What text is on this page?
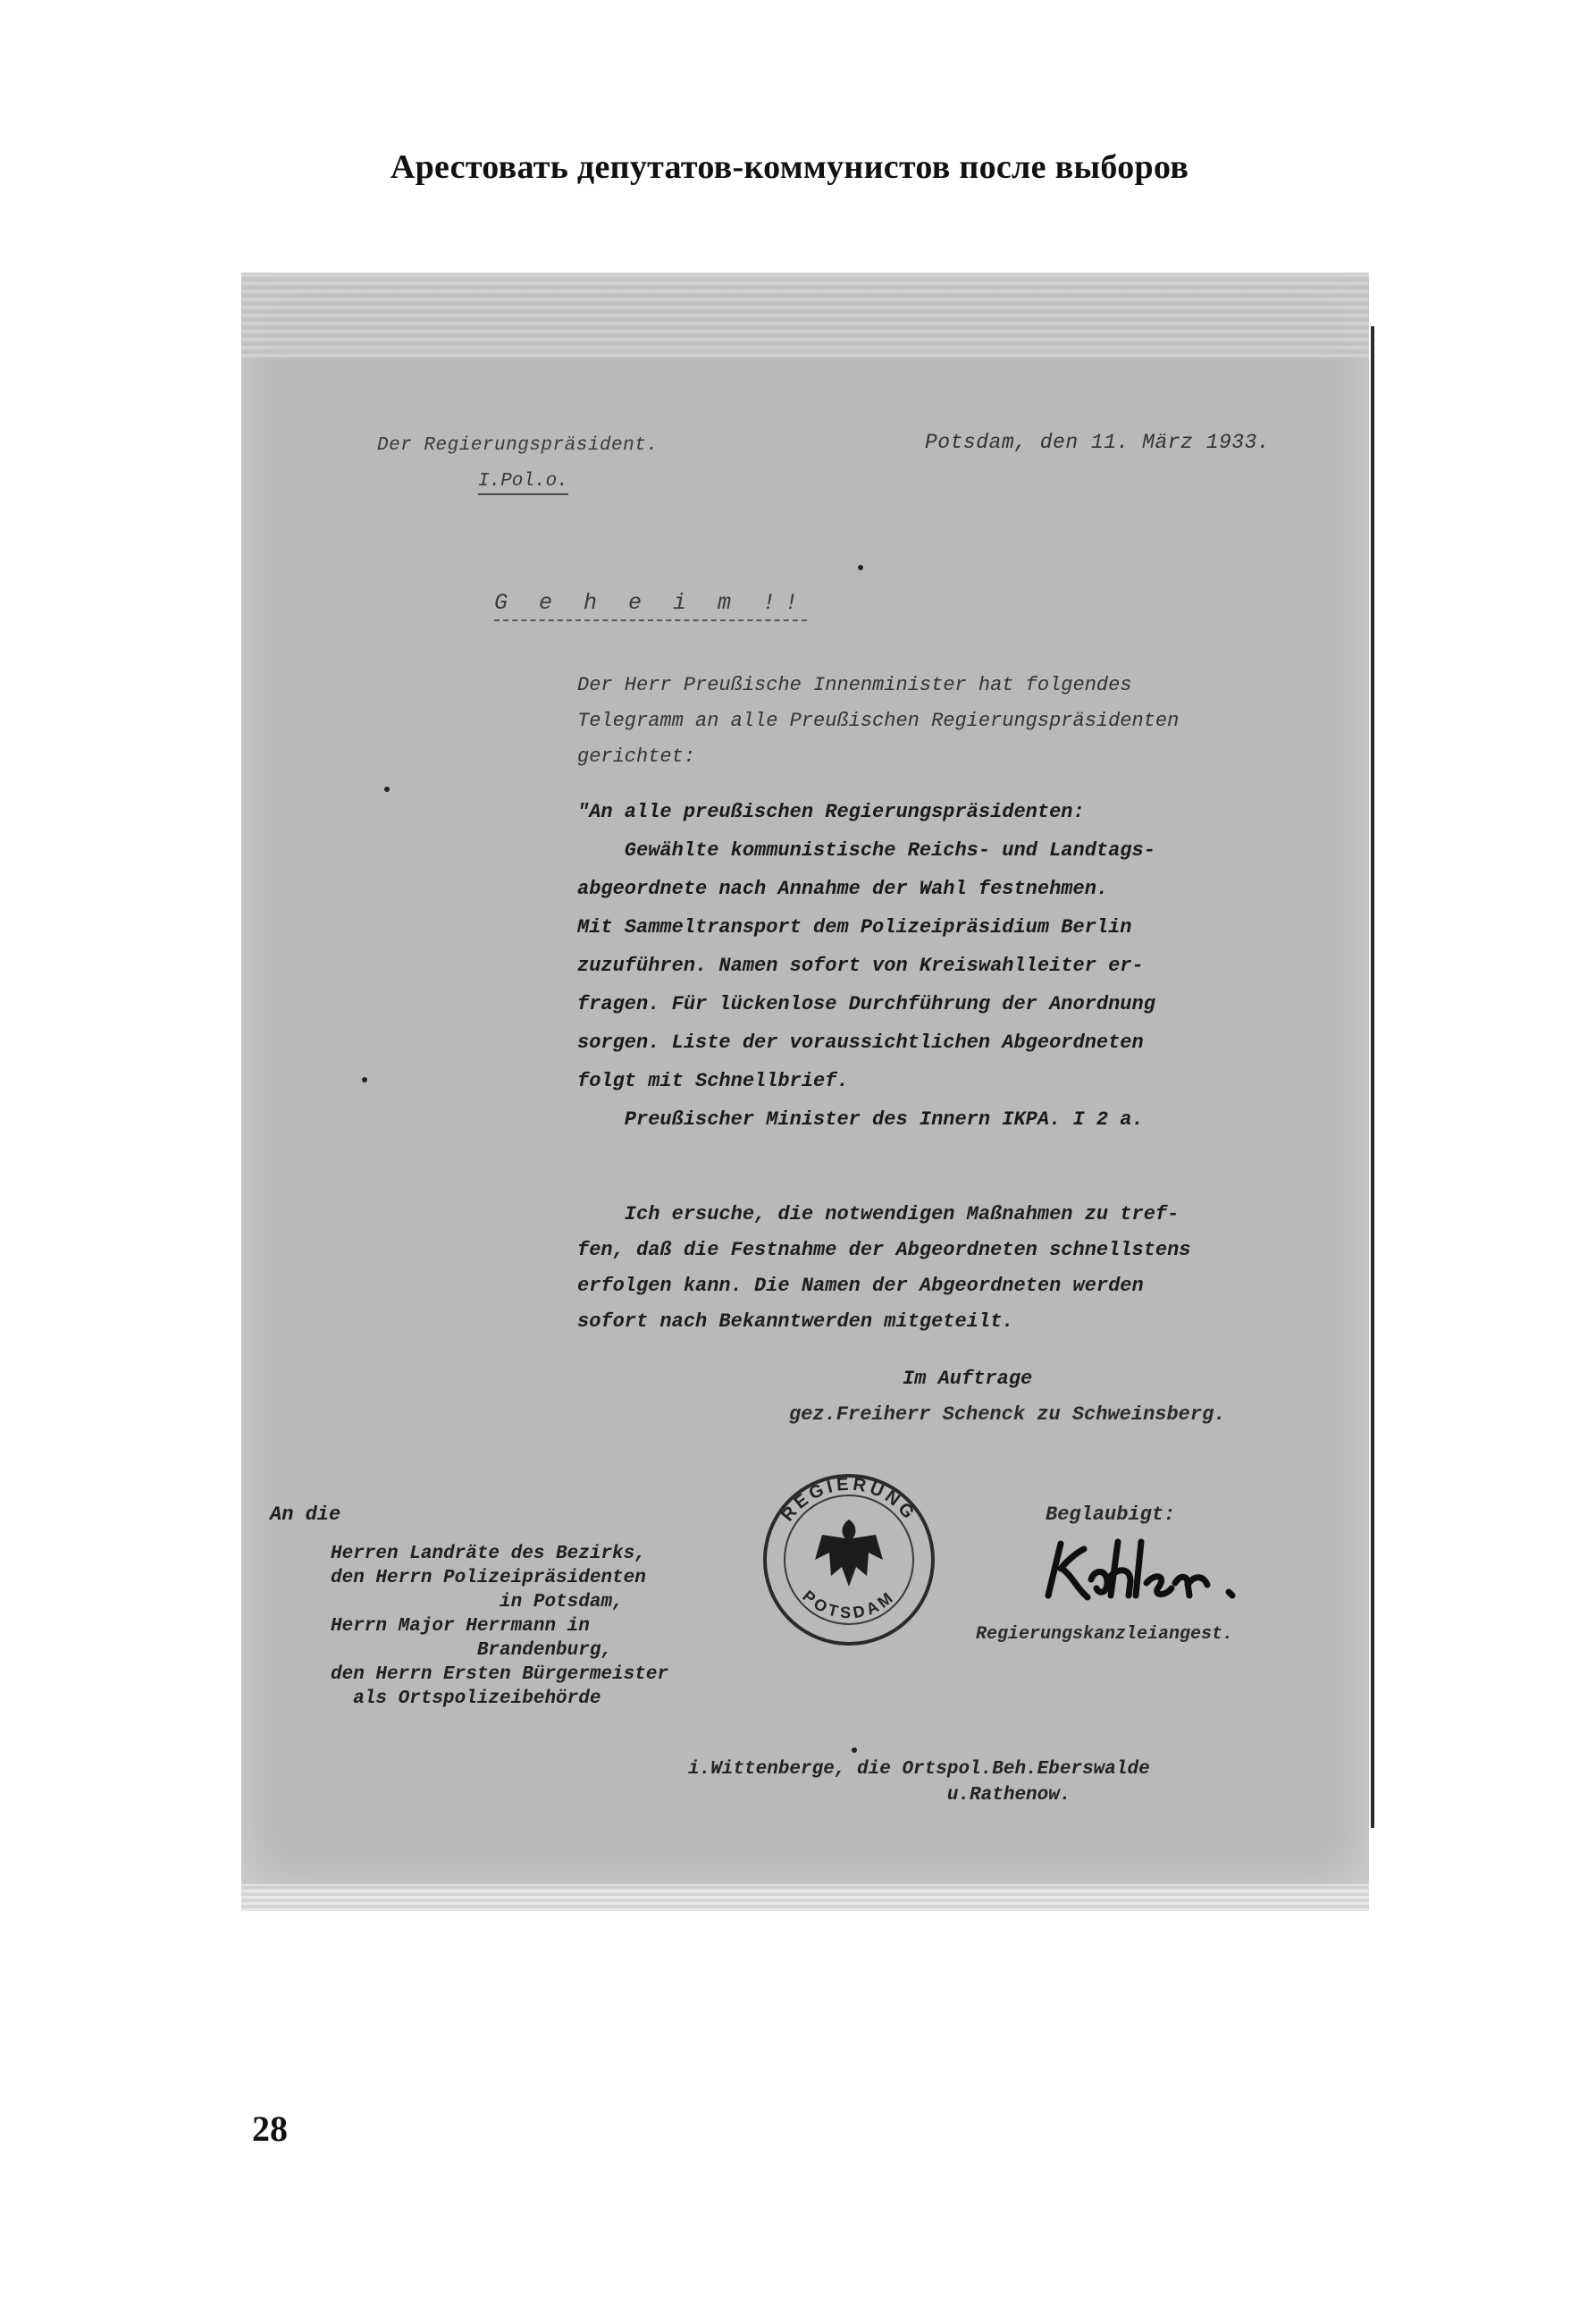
Арестовать депутатов-коммунистов после выборов
Der Regierungspräsident.
I.Pol.o.
Potsdam, den 11. März 1933.
G e h e i m !!
Der Herr Preußische Innenminister hat folgendes
Telegramm an alle Preußischen Regierungspräsidenten
gerichtet:
"An alle preußischen Regierungspräsidenten:
Gewählte kommunistische Reichs- und Landtags-
abgeordnete nach Annahme der Wahl festnehmen.
Mit Sammeltransport dem Polizeipräsidium Berlin
zuzuführen. Namen sofort von Kreiswahlleiter er-
fragen. Für lückenlose Durchführung der Anordnung
sorgen. Liste der voraussichtlichen Abgeordneten
folgt mit Schnellbrief.
Preußischer Minister des Innern IKPA. I 2 a.
Ich ersuche, die notwendigen Maßnahmen zu tref-
fen, daß die Festnahme der Abgeordneten schnellstens
erfolgen kann. Die Namen der Abgeordneten werden
sofort nach Bekanntwerden mitgeteilt.
Im Auftrage
gez.Freiherr Schenck zu Schweinsberg.
REGIERUNG
POTSDAM
Beglaubigt:
Regierungskanzleiangest.
An die
Herren Landräte des Bezirks,
den Herrn Polizeipräsidenten
in Potsdam,
Herrn Major Herrmann in
Brandenburg,
den Herrn Ersten Bürgermeister
als Ortspolizeibehörde
i.Wittenberge, die Ortspol.Beh.Eberswalde
u.Rathenow.
28
